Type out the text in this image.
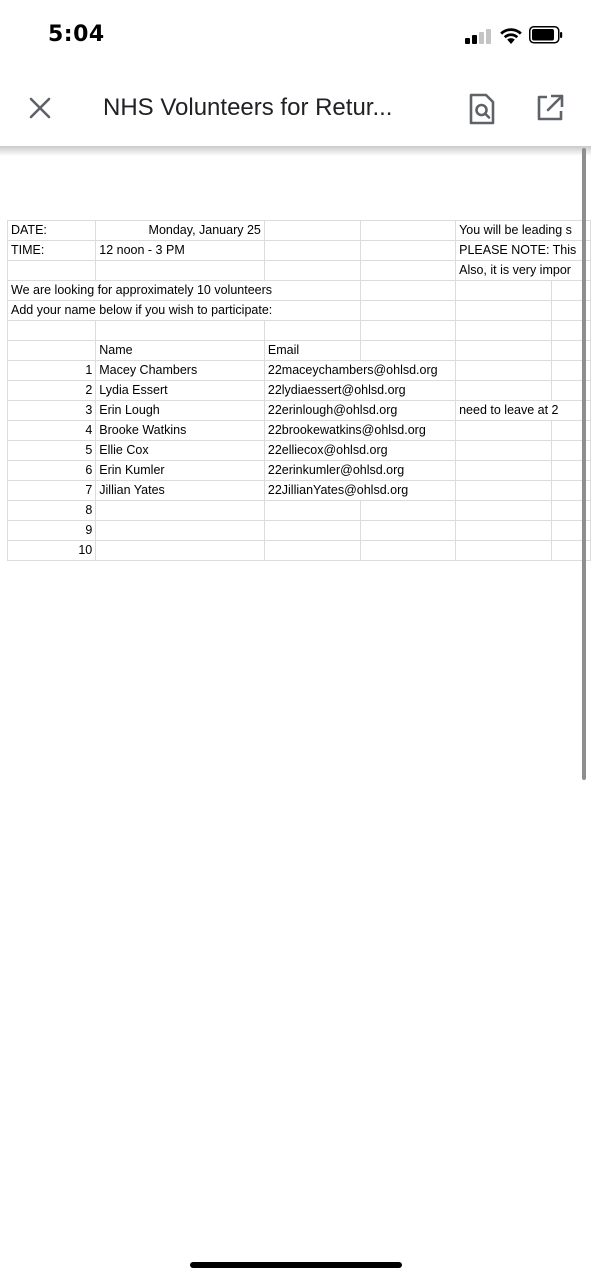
5:04
NHS Volunteers for Retur...
DATE:	Monday, January 25			You will be leading s	
TIME:	12 noon - 3 PM			PLEASE NOTE: This	
				Also, it is very impor	
We are looking for approximately 10 volunteers					
Add your name below if you wish to participate:					

	Name	Email			
1	Macey Chambers	22maceychambers@ohlsd.org			
2	Lydia Essert	22lydiaessert@ohlsd.org			
3	Erin Lough	22erinlough@ohlsd.org		need to leave at 2	
4	Brooke Watkins	22brookewatkins@ohlsd.org			
5	Ellie Cox	22elliecox@ohlsd.org			
6	Erin Kumler	22erinkumler@ohlsd.org			
7	Jillian Yates	22JillianYates@ohlsd.org			
8					
9					
10					
